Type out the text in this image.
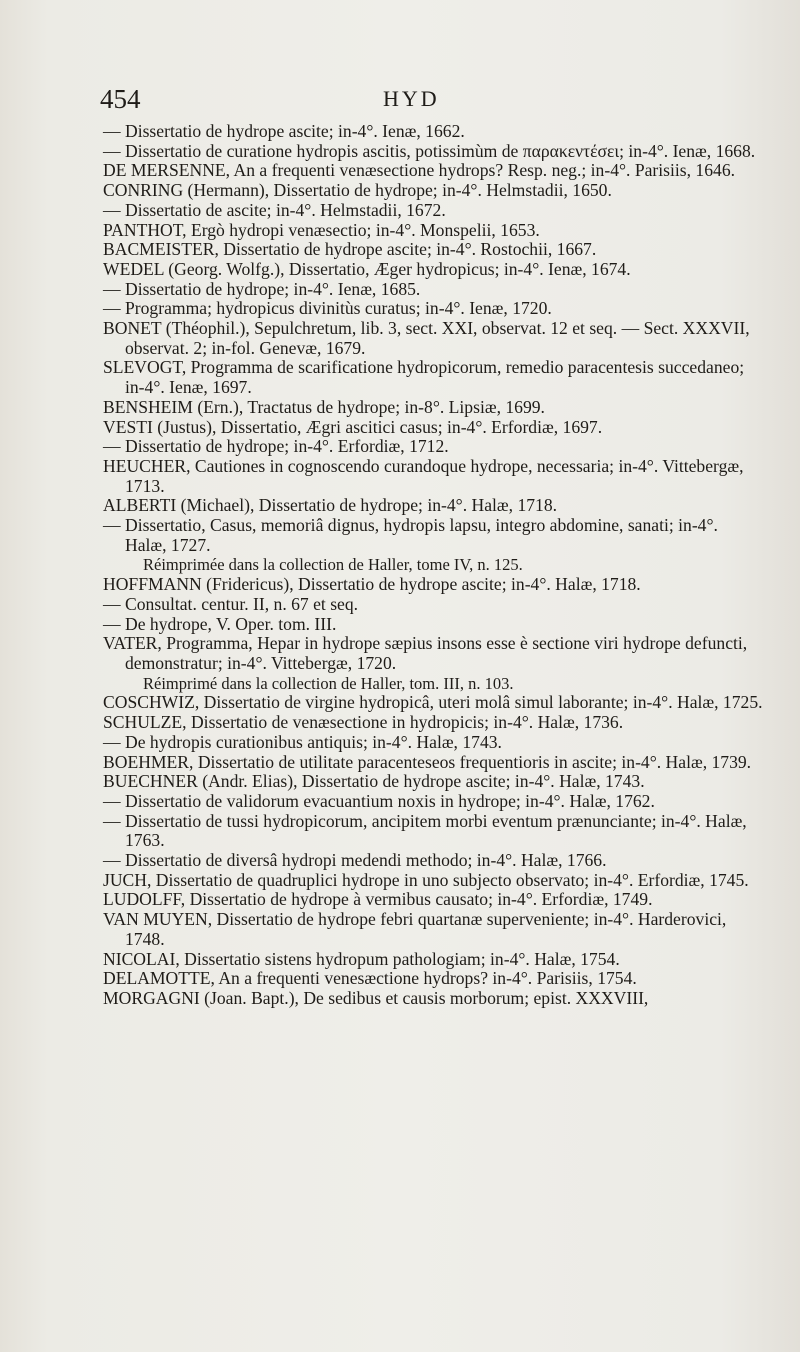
454	HYD

— Dissertatio de hydrope ascite; in-4°. Ienæ, 1662.

— Dissertatio de curatione hydropis ascitis, potissimùm de παρακεντέσει; in-4°. Ienæ, 1668.

DE MERSENNE, An a frequenti venæsectione hydrops? Resp. neg.; in-4°. Parisiis, 1646.

CONRING (Hermann), Dissertatio de hydrope; in-4°. Helmstadii, 1650.

— Dissertatio de ascite; in-4°. Helmstadii, 1672.

PANTHOT, Ergò hydropi venæsectio; in-4°. Monspelii, 1653.

BACMEISTER, Dissertatio de hydrope ascite; in-4°. Rostochii, 1667.

WEDEL (Georg. Wolfg.), Dissertatio, Æger hydropicus; in-4°. Ienæ, 1674.

— Dissertatio de hydrope; in-4°. Ienæ, 1685.

— Programma; hydropicus divinitùs curatus; in-4°. Ienæ, 1720.

BONET (Théophil.), Sepulchretum, lib. 3, sect. XXI, observat. 12 et seq. — Sect. XXXVII, observat. 2; in-fol. Genevæ, 1679.

SLEVOGT, Programma de scarificatione hydropicorum, remedio paracentesis succedaneo; in-4°. Ienæ, 1697.

BENSHEIM (Ern.), Tractatus de hydrope; in-8°. Lipsiæ, 1699.

VESTI (Justus), Dissertatio, Ægri ascitici casus; in-4°. Erfordiæ, 1697.

— Dissertatio de hydrope; in-4°. Erfordiæ, 1712.

HEUCHER, Cautiones in cognoscendo curandoque hydrope, necessaria; in-4°. Vittebergæ, 1713.

ALBERTI (Michael), Dissertatio de hydrope; in-4°. Halæ, 1718.

— Dissertatio, Casus, memoriâ dignus, hydropis lapsu, integro abdomine, sanati; in-4°. Halæ, 1727.

Réimprimée dans la collection de Haller, tome IV, n. 125.

HOFFMANN (Fridericus), Dissertatio de hydrope ascite; in-4°. Halæ, 1718.

— Consultat. centur. II, n. 67 et seq.

— De hydrope, V. Oper. tom. III.

VATER, Programma, Hepar in hydrope sæpius insons esse è sectione viri hydrope defuncti, demonstratur; in-4°. Vittebergæ, 1720.

Réimprimé dans la collection de Haller, tom. III, n. 103.

COSCHWIZ, Dissertatio de virgine hydropicâ, uteri molâ simul laborante; in-4°. Halæ, 1725.

SCHULZE, Dissertatio de venæsectione in hydropicis; in-4°. Halæ, 1736.

— De hydropis curationibus antiquis; in-4°. Halæ, 1743.

BOEHMER, Dissertatio de utilitate paracenteseos frequentioris in ascite; in-4°. Halæ, 1739.

BUECHNER (Andr. Elias), Dissertatio de hydrope ascite; in-4°. Halæ, 1743.

— Dissertatio de validorum evacuantium noxis in hydrope; in-4°. Halæ, 1762.

— Dissertatio de tussi hydropicorum, ancipitem morbi eventum prænunciante; in-4°. Halæ, 1763.

— Dissertatio de diversâ hydropi medendi methodo; in-4°. Halæ, 1766.

JUCH, Dissertatio de quadruplici hydrope in uno subjecto observato; in-4°. Erfordiæ, 1745.

LUDOLFF, Dissertatio de hydrope à vermibus causato; in-4°. Erfordiæ, 1749.

VAN MUYEN, Dissertatio de hydrope febri quartanæ superveniente; in-4°. Harderovici, 1748.

NICOLAI, Dissertatio sistens hydropum pathologiam; in-4°. Halæ, 1754.

DELAMOTTE, An a frequenti venesæctione hydrops? in-4°. Parisiis, 1754.

MORGAGNI (Joan. Bapt.), De sedibus et causis morborum; epist. XXXVIII,
